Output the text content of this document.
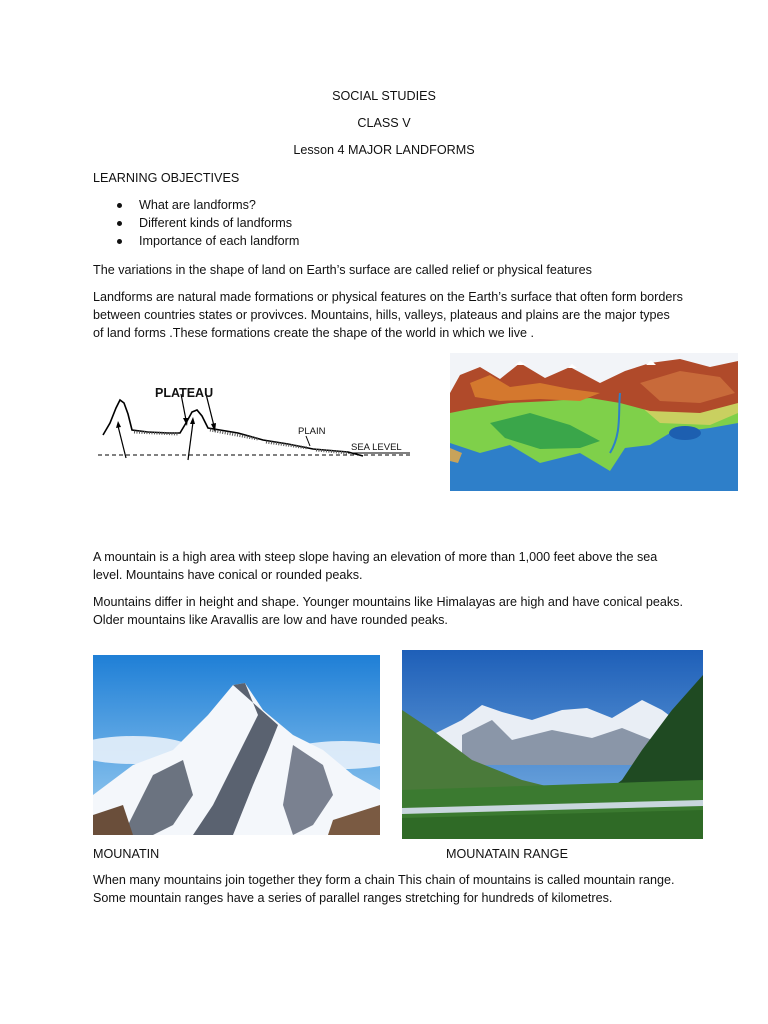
SOCIAL STUDIES
CLASS V
Lesson 4 MAJOR LANDFORMS
LEARNING OBJECTIVES
What are landforms?
Different kinds of landforms
Importance of each landform
The variations in the shape of land on Earth’s surface are called relief or physical features
Landforms are natural made formations or physical features on the Earth’s surface that often form borders between countries states or provivces. Mountains, hills, valleys, plateaus and plains are the major types of land forms .These formations create the shape of the world in which we live .
PLATEAU
PLAIN
SEA LEVEL
A mountain is a high area with steep slope having an elevation of more than 1,000 feet above the sea level. Mountains have conical or rounded peaks.
Mountains differ in height and shape. Younger mountains like Himalayas are high and have conical peaks. Older mountains like Aravallis are low and have rounded peaks.
MOUNATIN	MOUNATAIN RANGE
When many mountains join together they form a chain This chain of mountains is called mountain range. Some mountain ranges have a series of parallel ranges stretching for hundreds of kilometres.
